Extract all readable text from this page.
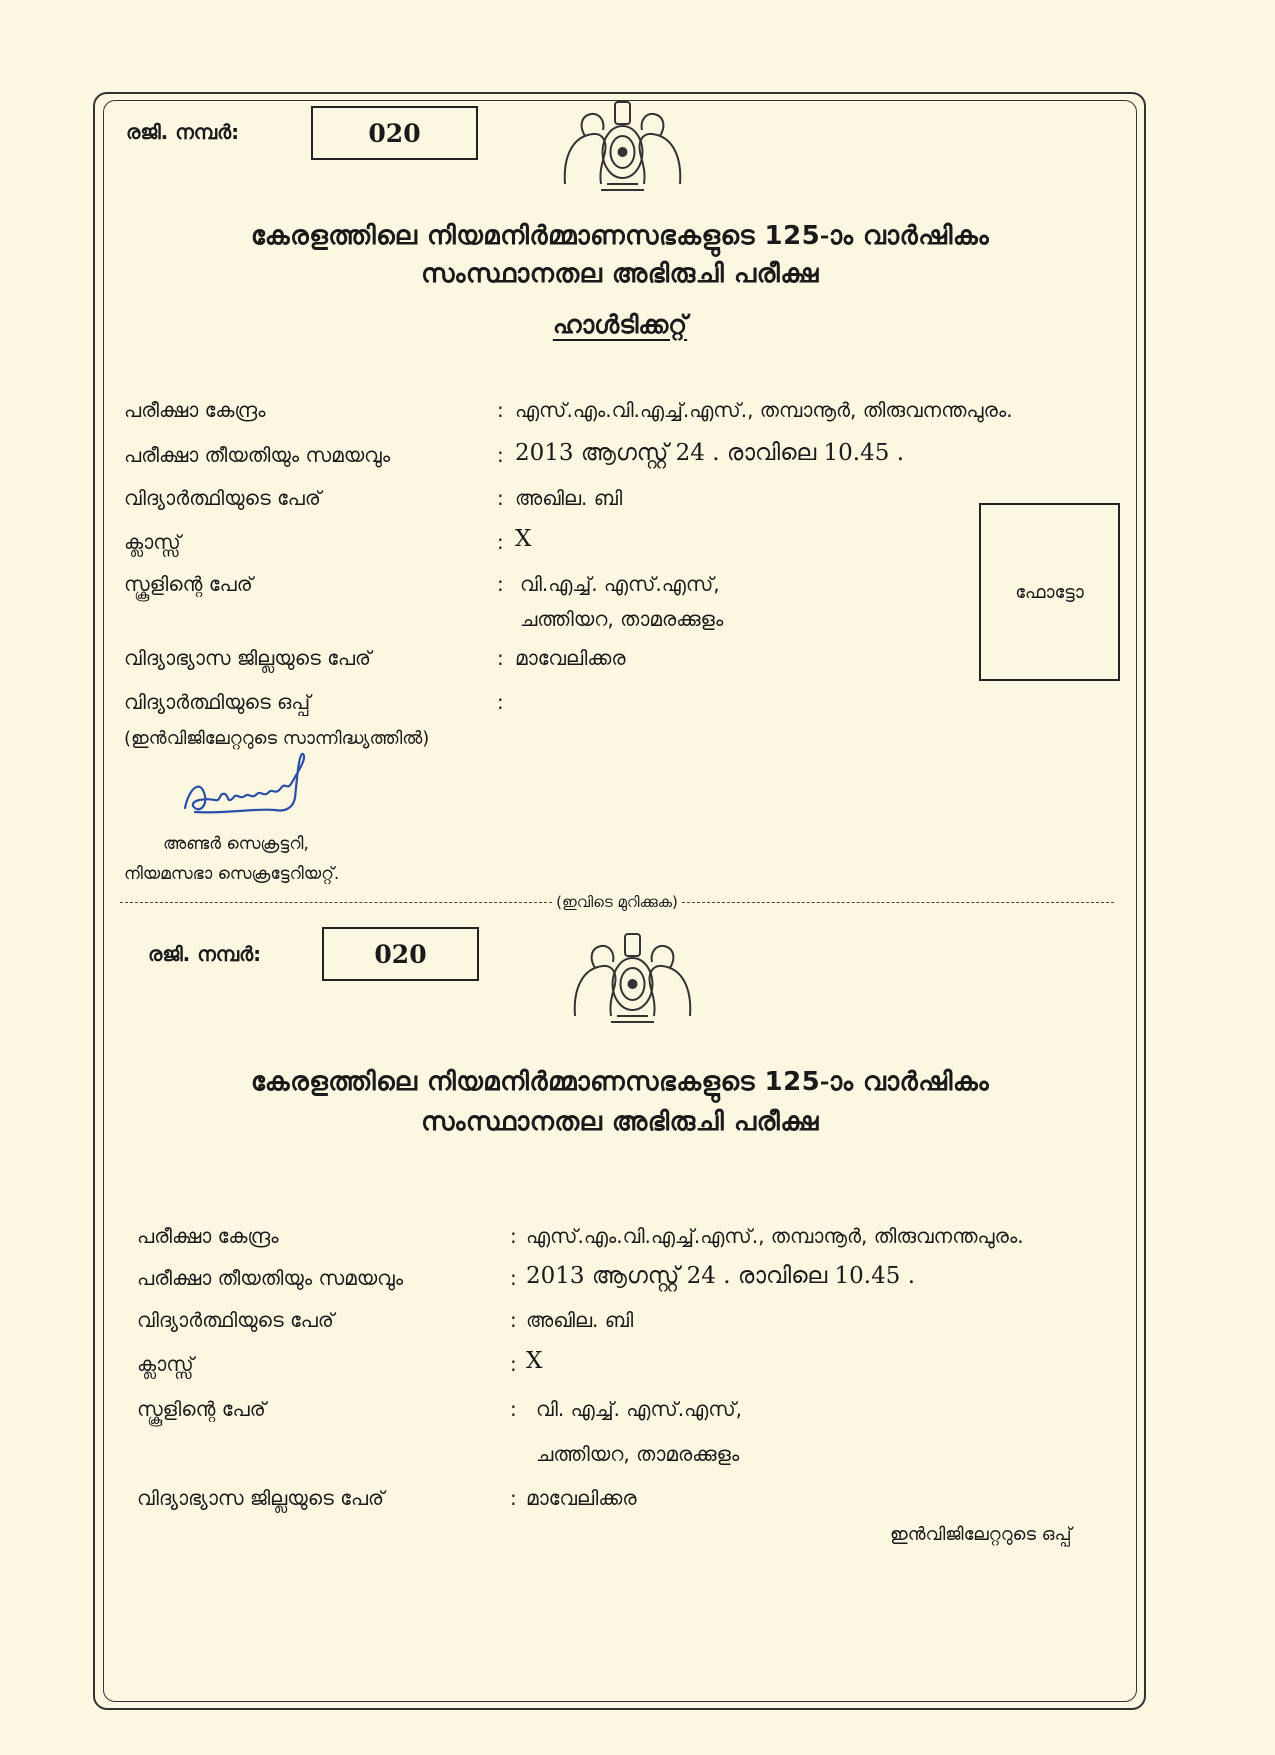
രജി. നമ്പർ:	020
കേരളത്തിലെ നിയമനിർമ്മാണസഭകളുടെ 125-ാം വാർഷികം
സംസ്ഥാനതല അഭിരുചി പരീക്ഷ
ഹാൾടിക്കറ്റ്
പരീക്ഷാ കേന്ദ്രം	: എസ്.എം.വി.എച്ച്.എസ്., തമ്പാനൂർ, തിരുവനന്തപുരം.
പരീക്ഷാ തീയതിയും സമയവും	: 2013 ആഗസ്റ്റ് 24 . രാവിലെ 10.45 .
വിദ്യാർത്ഥിയുടെ പേര്	: അഖില. ബി
ക്ലാസ്സ്	: X
സ്കൂളിന്റെ പേര്	: വി.എച്ച്. എസ്.എസ്,
ചത്തിയറ, താമരക്കുളം
വിദ്യാഭ്യാസ ജില്ലയുടെ പേര്	: മാവേലിക്കര
വിദ്യാർത്ഥിയുടെ ഒപ്പ്	:
(ഇൻവിജിലേറ്ററുടെ സാന്നിദ്ധ്യത്തിൽ)
ഫോട്ടോ
അണ്ടർ സെക്രട്ടറി,
നിയമസഭാ സെക്രട്ടേറിയറ്റ്.
(ഇവിടെ മുറിക്കുക)
രജി. നമ്പർ:	020
കേരളത്തിലെ നിയമനിർമ്മാണസഭകളുടെ 125-ാം വാർഷികം
സംസ്ഥാനതല അഭിരുചി പരീക്ഷ
പരീക്ഷാ കേന്ദ്രം	: എസ്.എം.വി.എച്ച്.എസ്., തമ്പാനൂർ, തിരുവനന്തപുരം.
പരീക്ഷാ തീയതിയും സമയവും	: 2013 ആഗസ്റ്റ് 24 . രാവിലെ 10.45 .
വിദ്യാർത്ഥിയുടെ പേര്	: അഖില. ബി
ക്ലാസ്സ്	: X
സ്കൂളിന്റെ പേര്	: വി. എച്ച്. എസ്.എസ്,
ചത്തിയറ, താമരക്കുളം
വിദ്യാഭ്യാസ ജില്ലയുടെ പേര്	: മാവേലിക്കര
ഇൻവിജിലേറ്ററുടെ ഒപ്പ്
